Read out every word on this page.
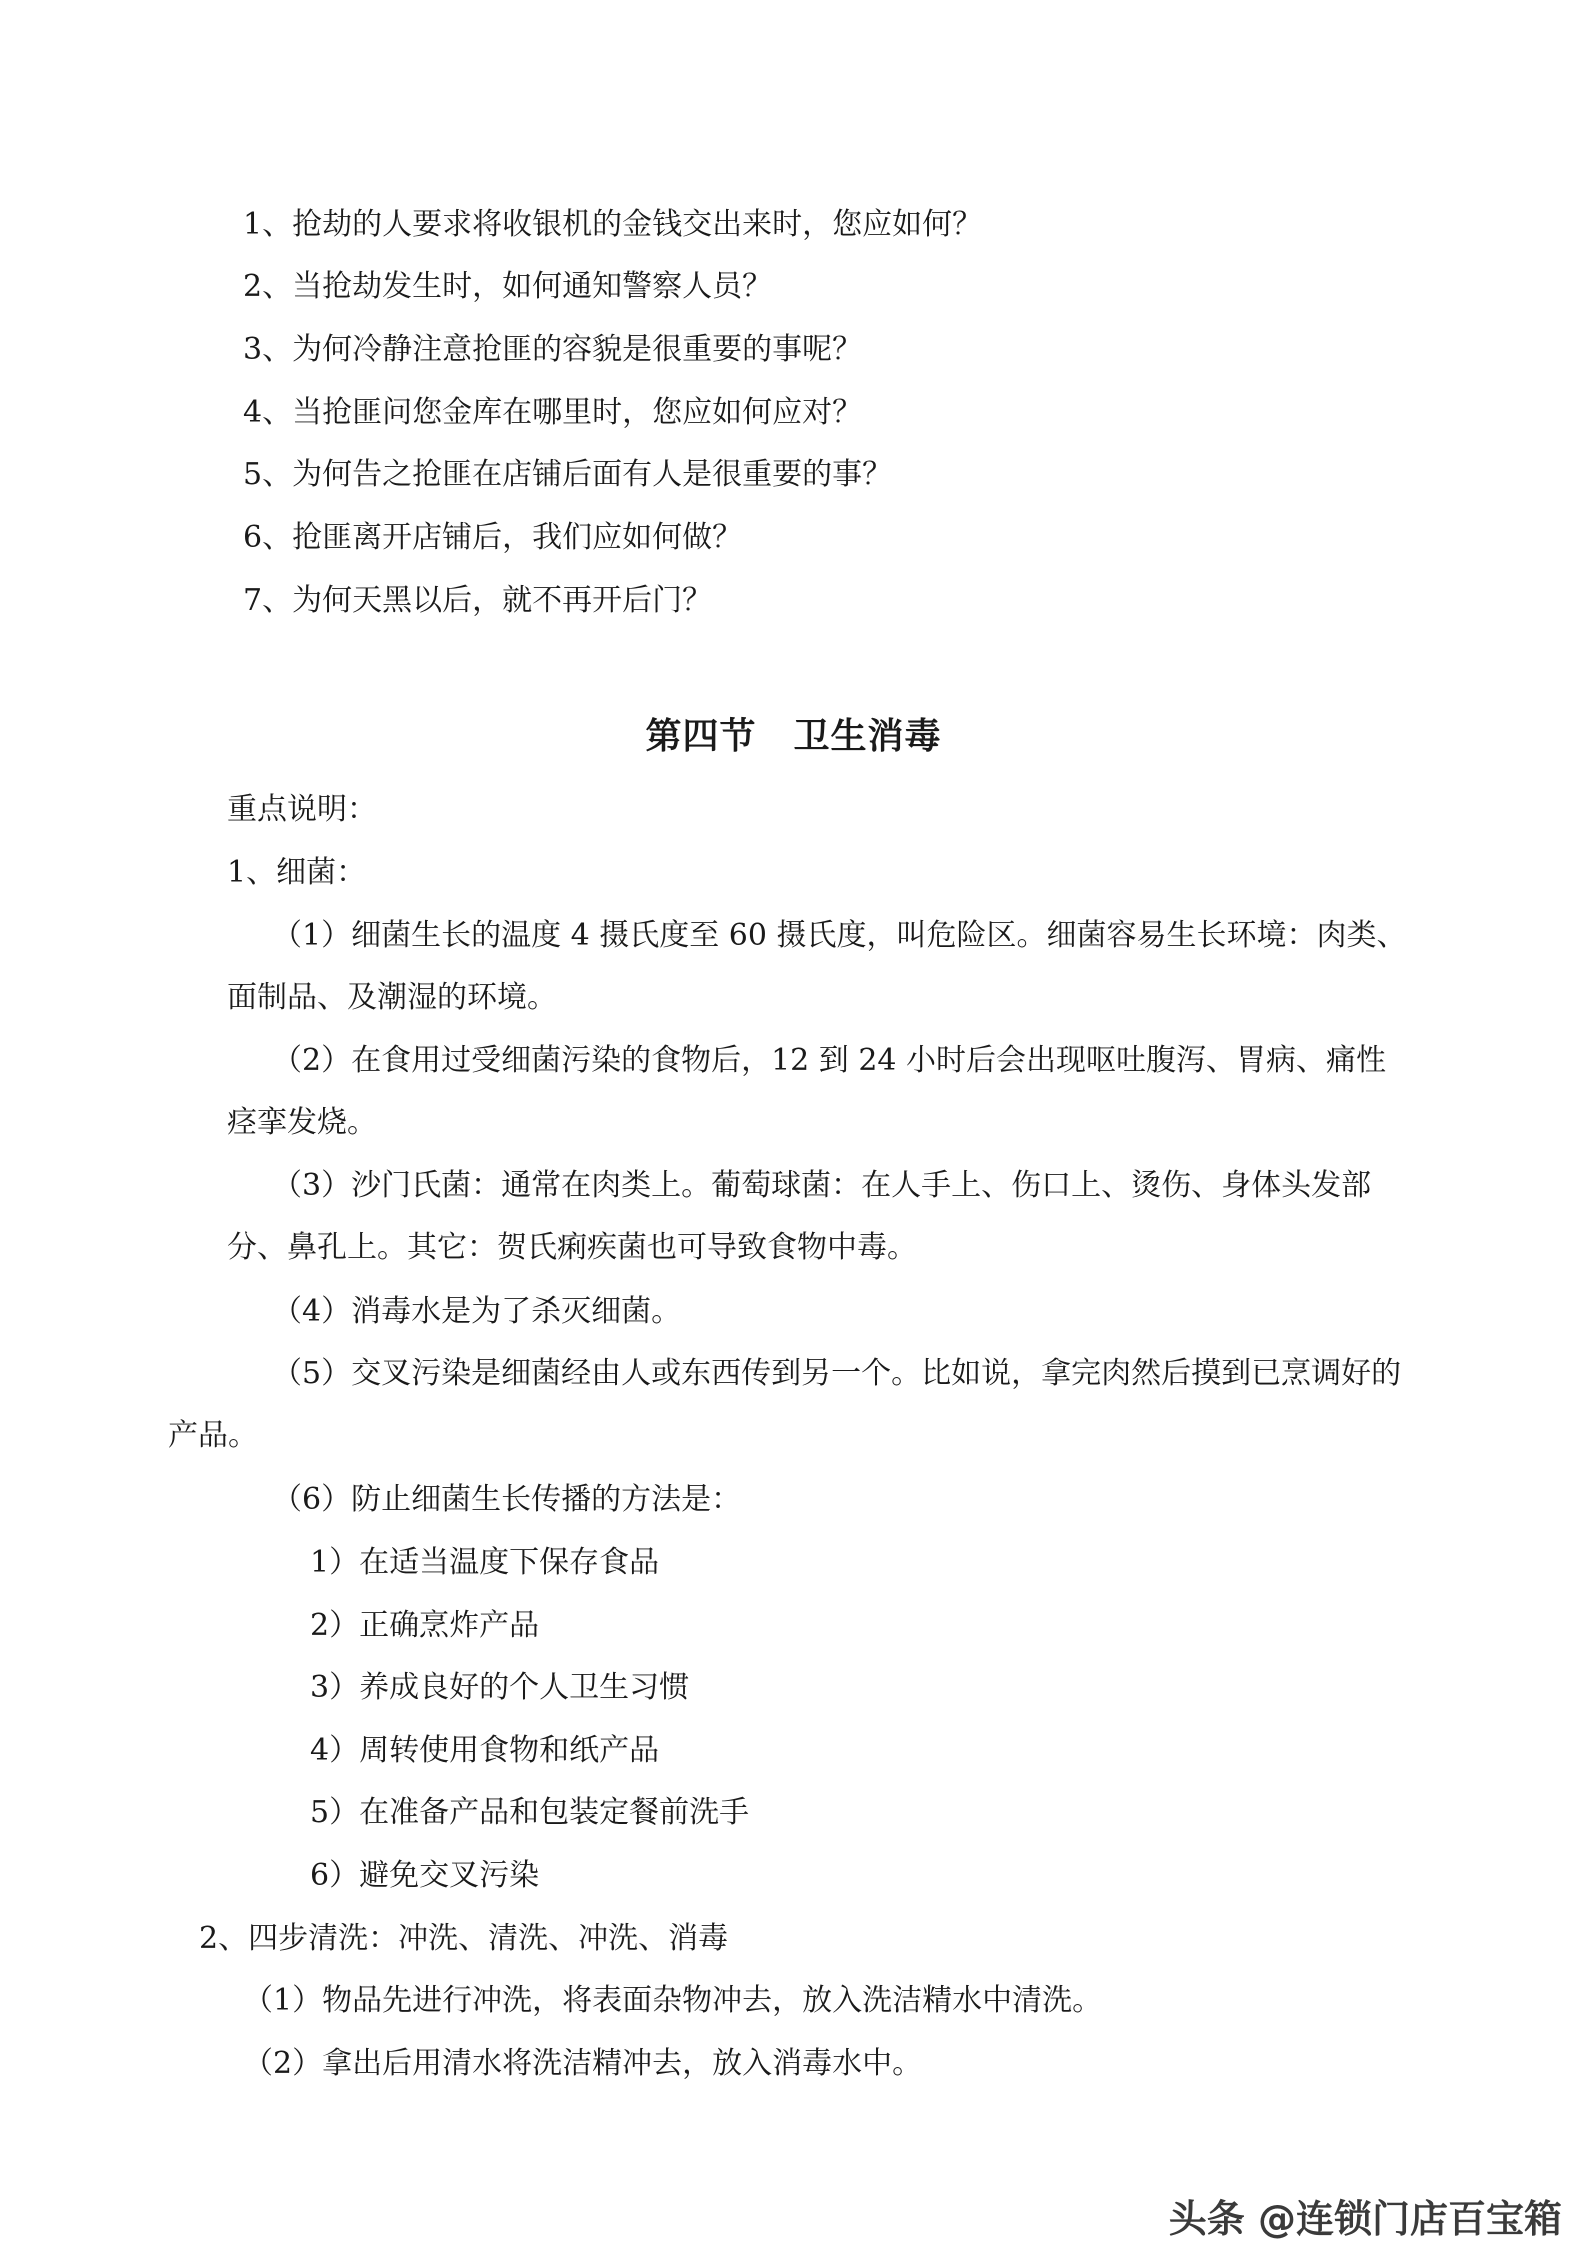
1、抢劫的人要求将收银机的金钱交出来时，您应如何？

2、当抢劫发生时，如何通知警察人员？

3、为何冷静注意抢匪的容貌是很重要的事呢？

4、当抢匪问您金库在哪里时，您应如何应对？

5、为何告之抢匪在店铺后面有人是很重要的事？

6、抢匪离开店铺后，我们应如何做？

7、为何天黑以后，就不再开后门？

第四节　卫生消毒

重点说明：

1、细菌：

（1）细菌生长的温度 4 摄氏度至 60 摄氏度，叫危险区。细菌容易生长环境：肉类、面制品、及潮湿的环境。

（2）在食用过受细菌污染的食物后，12 到 24 小时后会出现呕吐腹泻、胃病、痛性痉挛发烧。

（3）沙门氏菌：通常在肉类上。葡萄球菌：在人手上、伤口上、烫伤、身体头发部分、鼻孔上。其它：贺氏痢疾菌也可导致食物中毒。

（4）消毒水是为了杀灭细菌。

（5）交叉污染是细菌经由人或东西传到另一个。比如说，拿完肉然后摸到已烹调好的产品。

（6）防止细菌生长传播的方法是：

1）在适当温度下保存食品

2）正确烹炸产品

3）养成良好的个人卫生习惯

4）周转使用食物和纸产品

5）在准备产品和包装定餐前洗手

6）避免交叉污染

2、四步清洗：冲洗、清洗、冲洗、消毒

（1）物品先进行冲洗，将表面杂物冲去，放入洗洁精水中清洗。

（2）拿出后用清水将洗洁精冲去，放入消毒水中。

头条 @连锁门店百宝箱
